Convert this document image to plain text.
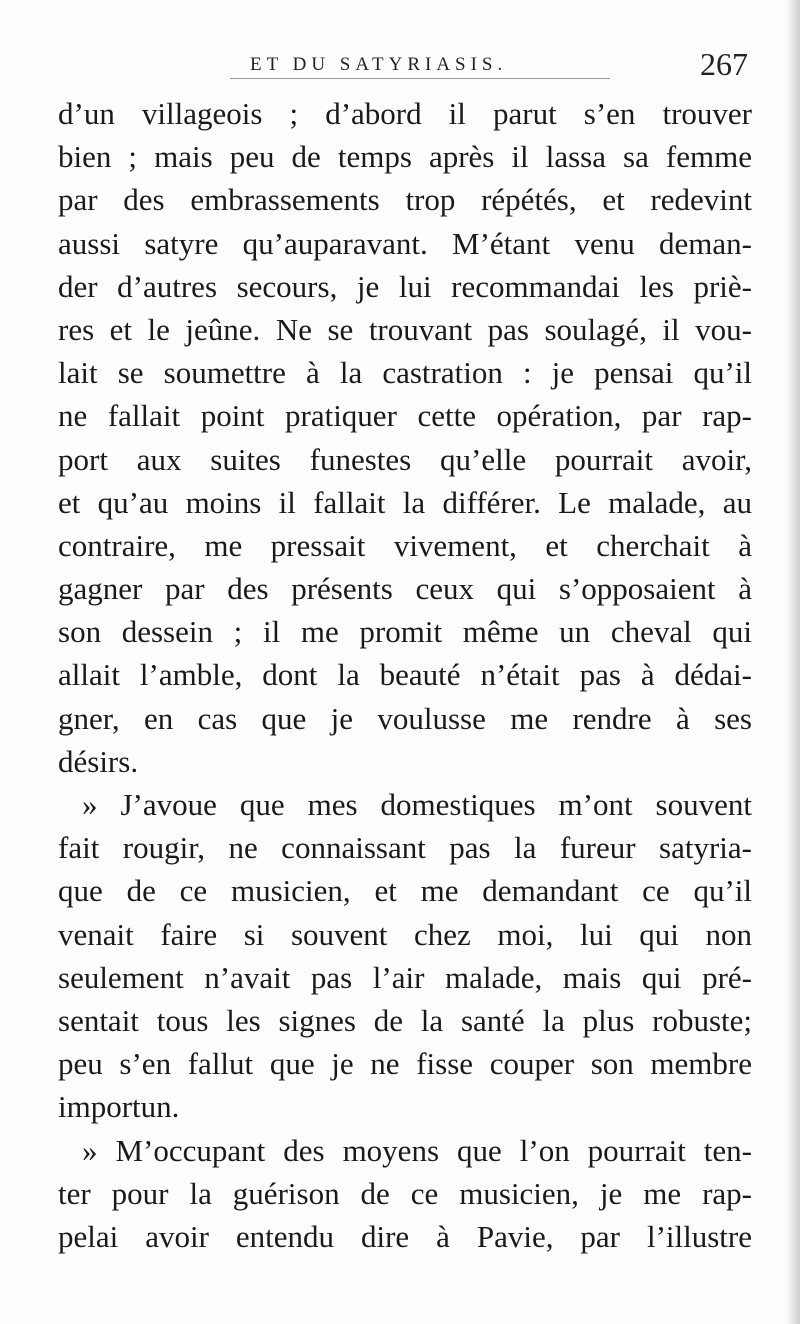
ET DU SATYRIASIS.	267
d’un villageois ; d’abord il parut s’en trouver
bien ; mais peu de temps après il lassa sa femme
par des embrassements trop répétés, et redevint
aussi satyre qu’auparavant. M’étant venu deman-
der d’autres secours, je lui recommandai les priè-
res et le jeûne. Ne se trouvant pas soulagé, il vou-
lait se soumettre à la castration : je pensai qu’il
ne fallait point pratiquer cette opération, par rap-
port aux suites funestes qu’elle pourrait avoir,
et qu’au moins il fallait la différer. Le malade, au
contraire, me pressait vivement, et cherchait à
gagner par des présents ceux qui s’opposaient à
son dessein ; il me promit même un cheval qui
allait l’amble, dont la beauté n’était pas à dédai-
gner, en cas que je voulusse me rendre à ses
désirs.
» J’avoue que mes domestiques m’ont souvent
fait rougir, ne connaissant pas la fureur satyria-
que de ce musicien, et me demandant ce qu’il
venait faire si souvent chez moi, lui qui non
seulement n’avait pas l’air malade, mais qui pré-
sentait tous les signes de la santé la plus robuste;
peu s’en fallut que je ne fisse couper son membre
importun.
» M’occupant des moyens que l’on pourrait ten-
ter pour la guérison de ce musicien, je me rap-
pelai avoir entendu dire à Pavie, par l’illustre
